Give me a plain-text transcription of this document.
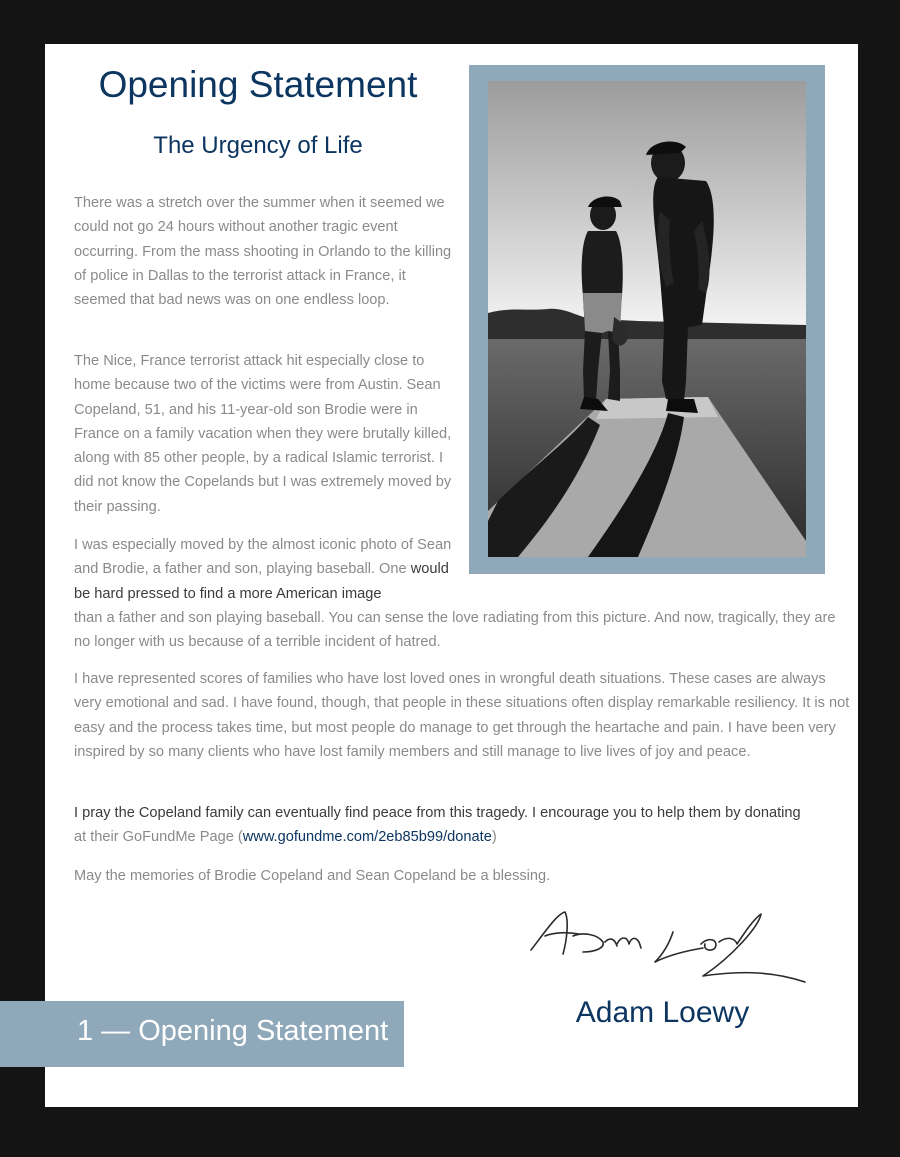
Opening Statement
The Urgency of Life

There was a stretch over the summer when it seemed we could not go 24 hours without another tragic event occurring. From the mass shooting in Orlando to the killing of police in Dallas to the terrorist attack in France, it seemed that bad news was on one endless loop.

The Nice, France terrorist attack hit especially close to home because two of the victims were from Austin. Sean Copeland, 51, and his 11-year-old son Brodie were in France on a family vacation when they were brutally killed, along with 85 other people, by a radical Islamic terrorist. I did not know the Copelands but I was extremely moved by their passing.

I was especially moved by the almost iconic photo of Sean and Brodie, a father and son, playing baseball. One would be hard pressed to find a more American image

than a father and son playing baseball. You can sense the love radiating from this picture. And now, tragically, they are no longer with us because of a terrible incident of hatred.

I have represented scores of families who have lost loved ones in wrongful death situations. These cases are always very emotional and sad. I have found, though, that people in these situations often display remarkable resiliency. It is not easy and the process takes time, but most people do manage to get through the heartache and pain. I have been very inspired by so many clients who have lost family members and still manage to live lives of joy and peace.

I pray the Copeland family can eventually find peace from this tragedy. I encourage you to help them by donating
at their GoFundMe Page (www.gofundme.com/2eb85b99/donate)

May the memories of Brodie Copeland and Sean Copeland be a blessing.

Adam Loewy

1 — Opening Statement
